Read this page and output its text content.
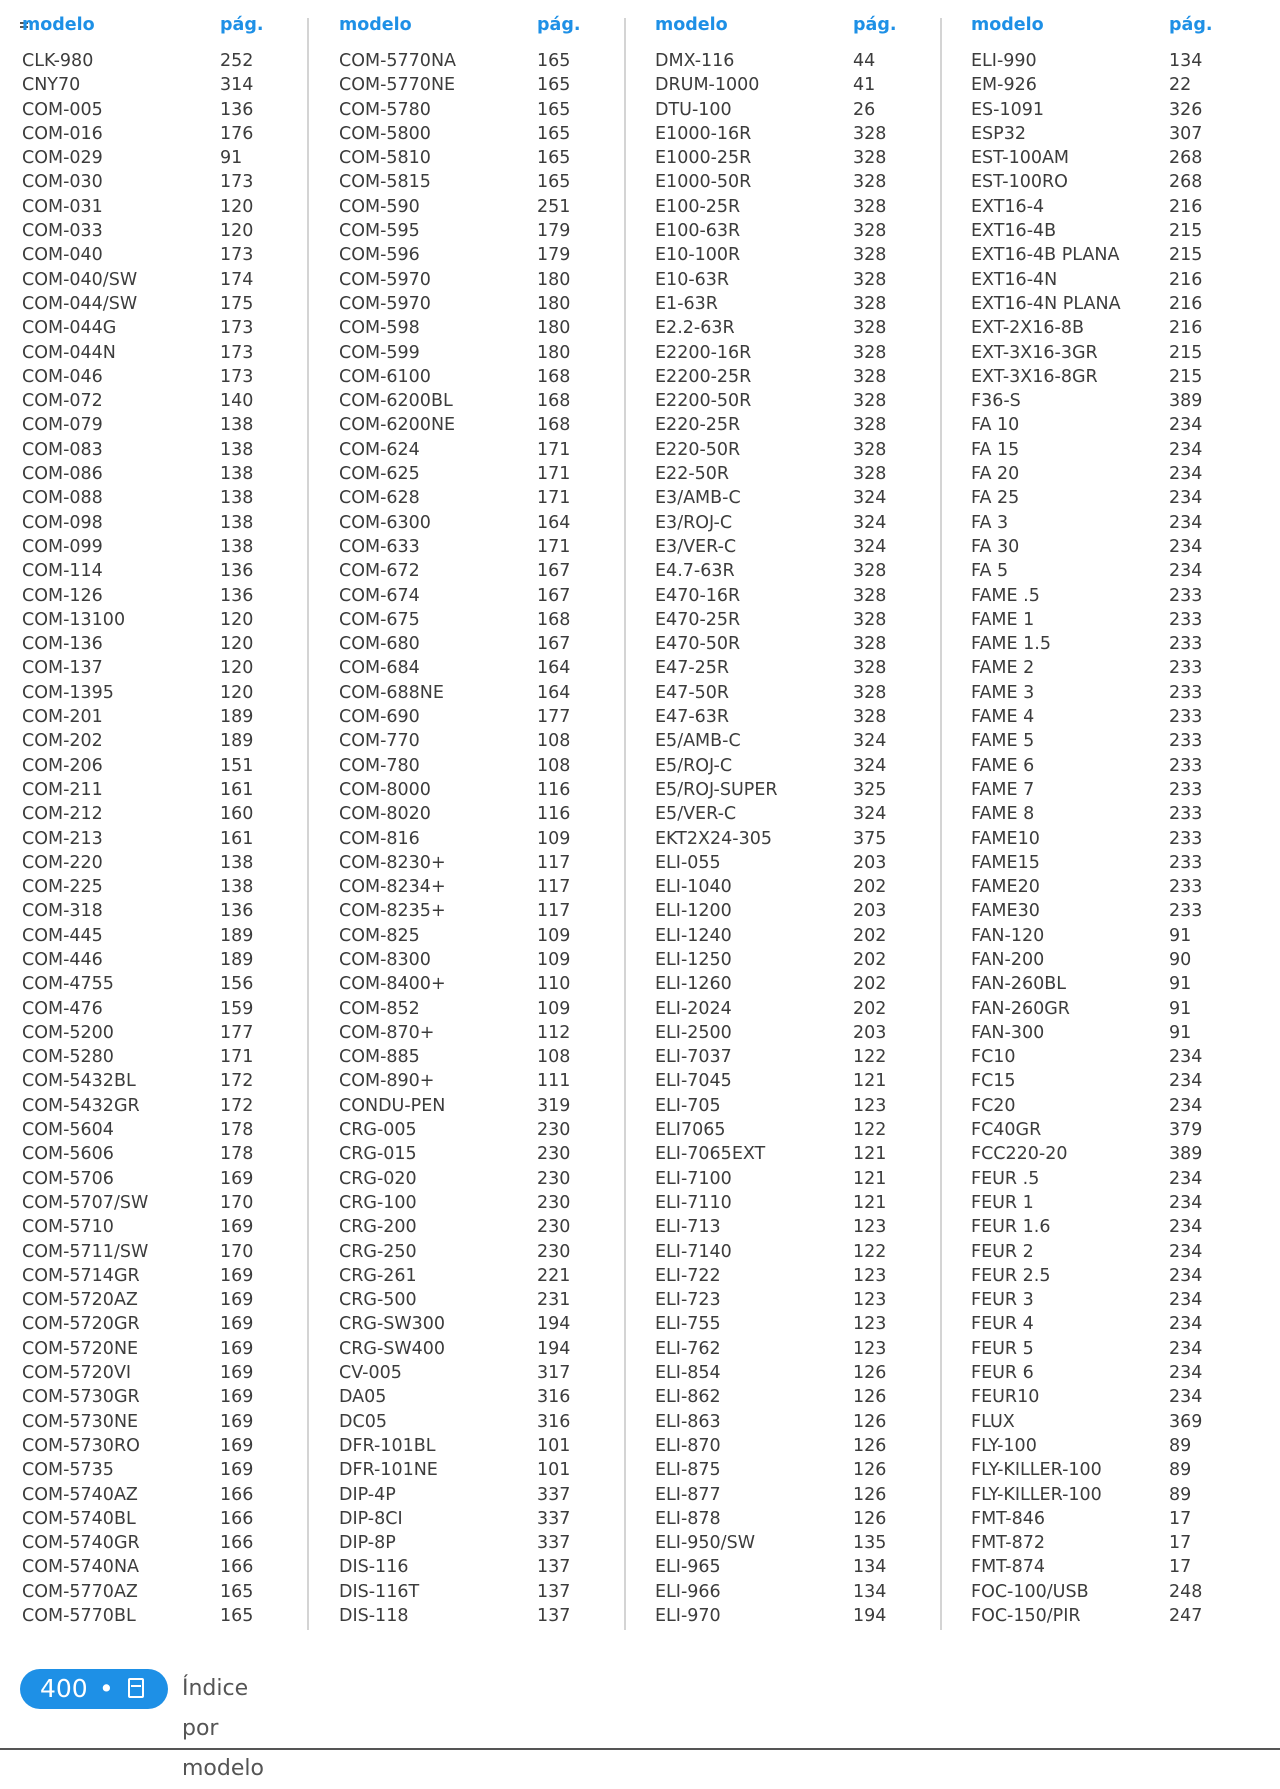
modelo	pág.
CLK-980	252
CNY70	314
COM-005	136
COM-016	176
COM-029	91
COM-030	173
COM-031	120
COM-033	120
COM-040	173
COM-040/SW	174
COM-044/SW	175
COM-044G	173
COM-044N	173
COM-046	173
COM-072	140
COM-079	138
COM-083	138
COM-086	138
COM-088	138
COM-098	138
COM-099	138
COM-114	136
COM-126	136
COM-13100	120
COM-136	120
COM-137	120
COM-1395	120
COM-201	189
COM-202	189
COM-206	151
COM-211	161
COM-212	160
COM-213	161
COM-220	138
COM-225	138
COM-318	136
COM-445	189
COM-446	189
COM-4755	156
COM-476	159
COM-5200	177
COM-5280	171
COM-5432BL	172
COM-5432GR	172
COM-5604	178
COM-5606	178
COM-5706	169
COM-5707/SW	170
COM-5710	169
COM-5711/SW	170
COM-5714GR	169
COM-5720AZ	169
COM-5720GR	169
COM-5720NE	169
COM-5720VI	169
COM-5730GR	169
COM-5730NE	169
COM-5730RO	169
COM-5735	169
COM-5740AZ	166
COM-5740BL	166
COM-5740GR	166
COM-5740NA	166
COM-5770AZ	165
COM-5770BL	165
modelo	pág.
COM-5770NA	165
COM-5770NE	165
COM-5780	165
COM-5800	165
COM-5810	165
COM-5815	165
COM-590	251
COM-595	179
COM-596	179
COM-5970	180
COM-5970	180
COM-598	180
COM-599	180
COM-6100	168
COM-6200BL	168
COM-6200NE	168
COM-624	171
COM-625	171
COM-628	171
COM-6300	164
COM-633	171
COM-672	167
COM-674	167
COM-675	168
COM-680	167
COM-684	164
COM-688NE	164
COM-690	177
COM-770	108
COM-780	108
COM-8000	116
COM-8020	116
COM-816	109
COM-8230+	117
COM-8234+	117
COM-8235+	117
COM-825	109
COM-8300	109
COM-8400+	110
COM-852	109
COM-870+	112
COM-885	108
COM-890+	111
CONDU-PEN	319
CRG-005	230
CRG-015	230
CRG-020	230
CRG-100	230
CRG-200	230
CRG-250	230
CRG-261	221
CRG-500	231
CRG-SW300	194
CRG-SW400	194
CV-005	317
DA05	316
DC05	316
DFR-101BL	101
DFR-101NE	101
DIP-4P	337
DIP-8CI	337
DIP-8P	337
DIS-116	137
DIS-116T	137
DIS-118	137
modelo	pág.
DMX-116	44
DRUM-1000	41
DTU-100	26
E1000-16R	328
E1000-25R	328
E1000-50R	328
E100-25R	328
E100-63R	328
E10-100R	328
E10-63R	328
E1-63R	328
E2.2-63R	328
E2200-16R	328
E2200-25R	328
E2200-50R	328
E220-25R	328
E220-50R	328
E22-50R	328
E3/AMB-C	324
E3/ROJ-C	324
E3/VER-C	324
E4.7-63R	328
E470-16R	328
E470-25R	328
E470-50R	328
E47-25R	328
E47-50R	328
E47-63R	328
E5/AMB-C	324
E5/ROJ-C	324
E5/ROJ-SUPER	325
E5/VER-C	324
EKT2X24-305	375
ELI-055	203
ELI-1040	202
ELI-1200	203
ELI-1240	202
ELI-1250	202
ELI-1260	202
ELI-2024	202
ELI-2500	203
ELI-7037	122
ELI-7045	121
ELI-705	123
ELI7065	122
ELI-7065EXT	121
ELI-7100	121
ELI-7110	121
ELI-713	123
ELI-7140	122
ELI-722	123
ELI-723	123
ELI-755	123
ELI-762	123
ELI-854	126
ELI-862	126
ELI-863	126
ELI-870	126
ELI-875	126
ELI-877	126
ELI-878	126
ELI-950/SW	135
ELI-965	134
ELI-966	134
ELI-970	194
modelo	pág.
ELI-990	134
EM-926	22
ES-1091	326
ESP32	307
EST-100AM	268
EST-100RO	268
EXT16-4	216
EXT16-4B	215
EXT16-4B PLANA	215
EXT16-4N	216
EXT16-4N PLANA	216
EXT-2X16-8B	216
EXT-3X16-3GR	215
EXT-3X16-8GR	215
F36-S	389
FA 10	234
FA 15	234
FA 20	234
FA 25	234
FA 3	234
FA 30	234
FA 5	234
FAME .5	233
FAME 1	233
FAME 1.5	233
FAME 2	233
FAME 3	233
FAME 4	233
FAME 5	233
FAME 6	233
FAME 7	233
FAME 8	233
FAME10	233
FAME15	233
FAME20	233
FAME30	233
FAN-120	91
FAN-200	90
FAN-260BL	91
FAN-260GR	91
FAN-300	91
FC10	234
FC15	234
FC20	234
FC40GR	379
FCC220-20	389
FEUR .5	234
FEUR 1	234
FEUR 1.6	234
FEUR 2	234
FEUR 2.5	234
FEUR 3	234
FEUR 4	234
FEUR 5	234
FEUR 6	234
FEUR10	234
FLUX	369
FLY-100	89
FLY-KILLER-100	89
FLY-KILLER-100	89
FMT-846	17
FMT-872	17
FMT-874	17
FOC-100/USB	248
FOC-150/PIR	247
400 •	Índice por modelo
